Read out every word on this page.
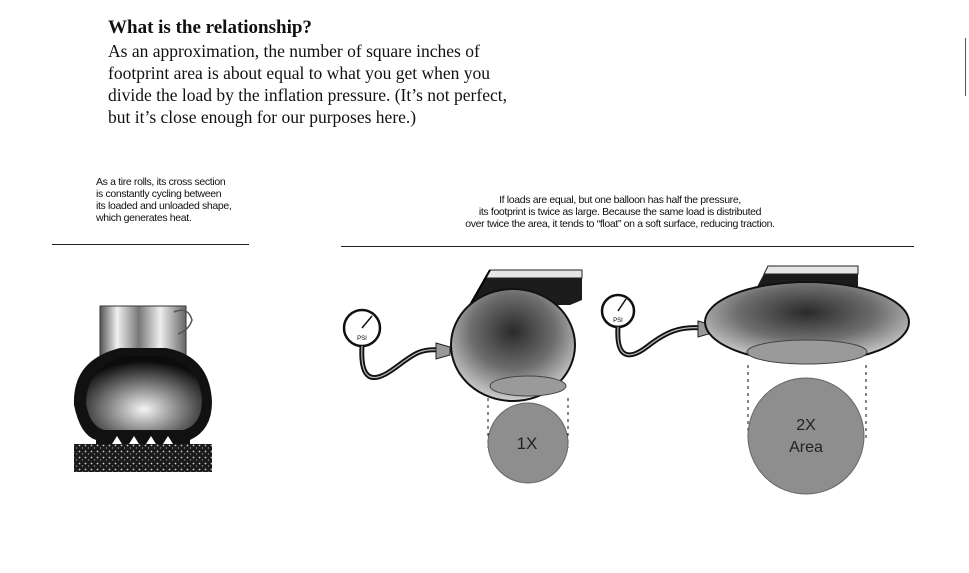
What is the relationship?

As an approximation, the number of square inches of
footprint area is about equal to what you get when you
divide the load by the inflation pressure. (It’s not perfect,
but it’s close enough for our purposes here.)

As a tire rolls, its cross section
is constantly cycling between
its loaded and unloaded shape,
which generates heat.
If loads are equal, but one balloon has half the pressure,
its footprint is twice as large. Because the same load is distributed
over twice the area, it tends to “float” on a soft surface, reducing traction.
PSI
1X
PSI
2X
Area
